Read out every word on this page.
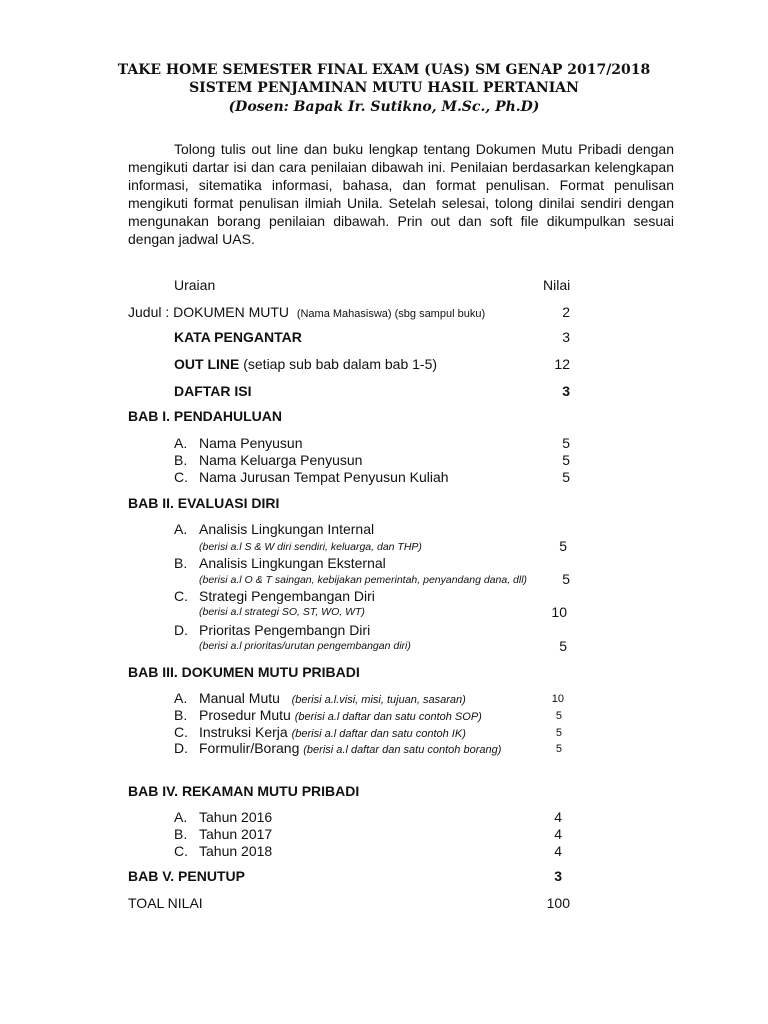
TAKE HOME SEMESTER FINAL EXAM (UAS) SM GENAP 2017/2018
SISTEM PENJAMINAN MUTU HASIL PERTANIAN
(Dosen: Bapak Ir. Sutikno, M.Sc., Ph.D)

Tolong tulis out line dan buku lengkap tentang Dokumen Mutu Pribadi dengan mengikuti dartar isi dan cara penilaian dibawah ini. Penilaian berdasarkan kelengkapan informasi, sitematika informasi, bahasa, dan format penulisan. Format penulisan mengikuti format penulisan ilmiah Unila. Setelah selesai, tolong dinilai sendiri dengan mengunakan borang penilaian dibawah. Prin out dan soft file dikumpulkan sesuai dengan jadwal UAS.

Uraian	Nilai
Judul : DOKUMEN MUTU (Nama Mahasiswa) (sbg sampul buku)	2
KATA PENGANTAR	3
OUT LINE (setiap sub bab dalam bab 1-5)	12
DAFTAR ISI	3
BAB I. PENDAHULUAN
A. Nama Penyusun	5
B. Nama Keluarga Penyusun	5
C. Nama Jurusan Tempat Penyusun Kuliah	5
BAB II. EVALUASI DIRI
A. Analisis Lingkungan Internal
(berisi a.l S & W diri sendiri, keluarga, dan THP)	5
B. Analisis Lingkungan Eksternal
(berisi a.l O & T saingan, kebijakan pemerintah, penyandang dana, dll)	5
C. Strategi Pengembangan Diri
(berisi a.l strategi SO, ST, WO, WT)	10
D. Prioritas Pengembangn Diri
(berisi a.l prioritas/urutan pengembangan diri)	5
BAB III. DOKUMEN MUTU PRIBADI
A. Manual Mutu (berisi a.l.visi, misi, tujuan, sasaran)	10
B. Prosedur Mutu (berisi a.l daftar dan satu contoh SOP)	5
C. Instruksi Kerja (berisi a.l daftar dan satu contoh IK)	5
D. Formulir/Borang (berisi a.l daftar dan satu contoh borang)	5
BAB IV. REKAMAN MUTU PRIBADI
A. Tahun 2016	4
B. Tahun 2017	4
C. Tahun 2018	4
BAB V. PENUTUP	3
TOAL NILAI	100
